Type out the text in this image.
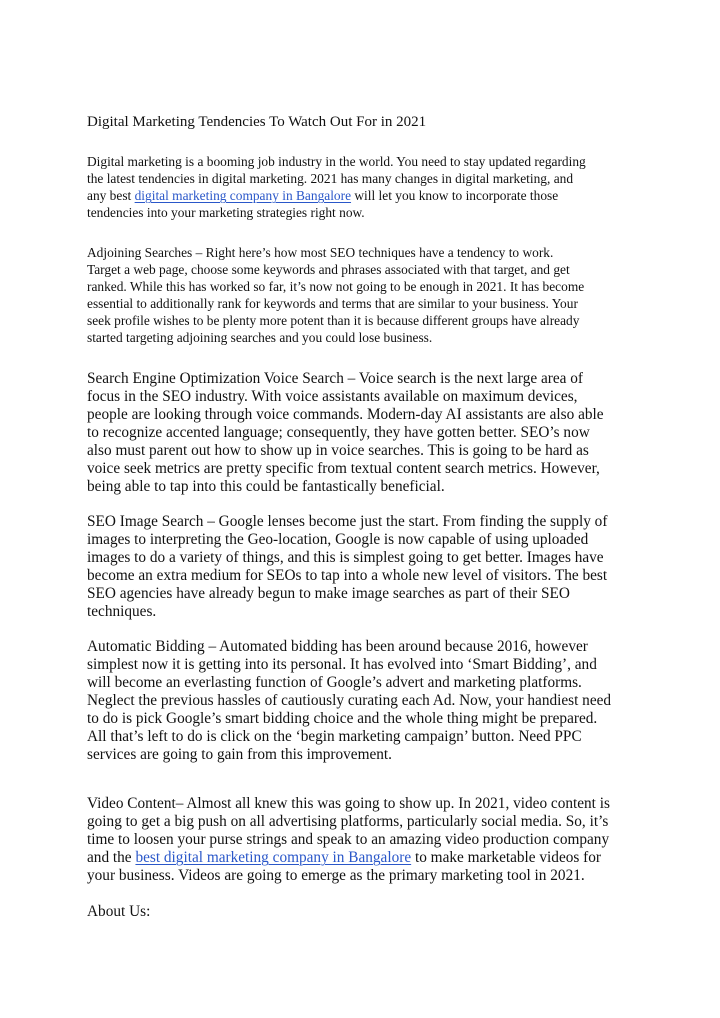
Digital Marketing Tendencies To Watch Out For in 2021

Digital marketing is a booming job industry in the world. You need to stay updated regarding
the latest tendencies in digital marketing. 2021 has many changes in digital marketing, and
any best digital marketing company in Bangalore will let you know to incorporate those
tendencies into your marketing strategies right now.

Adjoining Searches – Right here’s how most SEO techniques have a tendency to work.
Target a web page, choose some keywords and phrases associated with that target, and get
ranked. While this has worked so far, it’s now not going to be enough in 2021. It has become
essential to additionally rank for keywords and terms that are similar to your business. Your
seek profile wishes to be plenty more potent than it is because different groups have already
started targeting adjoining searches and you could lose business.

Search Engine Optimization Voice Search – Voice search is the next large area of
focus in the SEO industry. With voice assistants available on maximum devices,
people are looking through voice commands. Modern-day AI assistants are also able
to recognize accented language; consequently, they have gotten better. SEO’s now
also must parent out how to show up in voice searches. This is going to be hard as
voice seek metrics are pretty specific from textual content search metrics. However,
being able to tap into this could be fantastically beneficial.

SEO Image Search – Google lenses become just the start. From finding the supply of
images to interpreting the Geo-location, Google is now capable of using uploaded
images to do a variety of things, and this is simplest going to get better. Images have
become an extra medium for SEOs to tap into a whole new level of visitors. The best
SEO agencies have already begun to make image searches as part of their SEO
techniques.

Automatic Bidding – Automated bidding has been around because 2016, however
simplest now it is getting into its personal. It has evolved into ‘Smart Bidding’, and
will become an everlasting function of Google’s advert and marketing platforms.
Neglect the previous hassles of cautiously curating each Ad. Now, your handiest need
to do is pick Google’s smart bidding choice and the whole thing might be prepared.
All that’s left to do is click on the ‘begin marketing campaign’ button. Need PPC
services are going to gain from this improvement.

Video Content– Almost all knew this was going to show up. In 2021, video content is
going to get a big push on all advertising platforms, particularly social media. So, it’s
time to loosen your purse strings and speak to an amazing video production company
and the best digital marketing company in Bangalore to make marketable videos for
your business. Videos are going to emerge as the primary marketing tool in 2021.

About Us:
